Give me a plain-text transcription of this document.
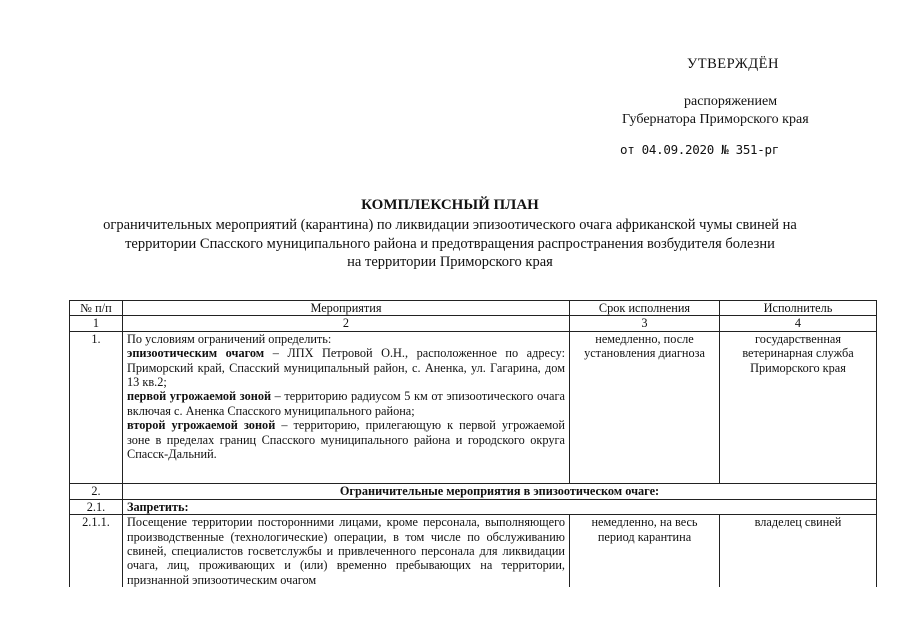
УТВЕРЖДЁН
распоряжением
Губернатора Приморского края
от 04.09.2020 № 351-рг
КОМПЛЕКСНЫЙ ПЛАН
ограничительных мероприятий (карантина) по ликвидации эпизоотического очага африканской чумы свиней на
территории Спасского муниципального района и предотвращения распространения возбудителя болезни
на территории Приморского края
№ п/п	Мероприятия	Срок исполнения	Исполнитель
1	2	3	4
1.	По условиям ограничений определить:
эпизоотическим очагом – ЛПХ Петровой О.Н., расположенное по адресу: Приморский край, Спасский муниципальный район, с. Аненка, ул. Гагарина, дом 13 кв.2;
первой угрожаемой зоной – территорию радиусом 5 км от эпизоотического очага включая с. Аненка Спасского муниципального района;
второй угрожаемой зоной – территорию, прилегающую к первой угрожаемой зоне в пределах границ Спасского муниципального района и городского округа Спасск-Дальний.	немедленно, после установления диагноза	государственная ветеринарная служба Приморского края
2.	Ограничительные мероприятия в эпизоотическом очаге:		
2.1.	Запретить:		
2.1.1.	Посещение территории посторонними лицами, кроме персонала, выполняющего производственные (технологические) операции, в том числе по обслуживанию свиней, специалистов госветслужбы и привлеченного персонала для ликвидации очага, лиц, проживающих и (или) временно пребывающих на территории, признанной эпизоотическим очагом	немедленно, на весь период карантина	владелец свиней
